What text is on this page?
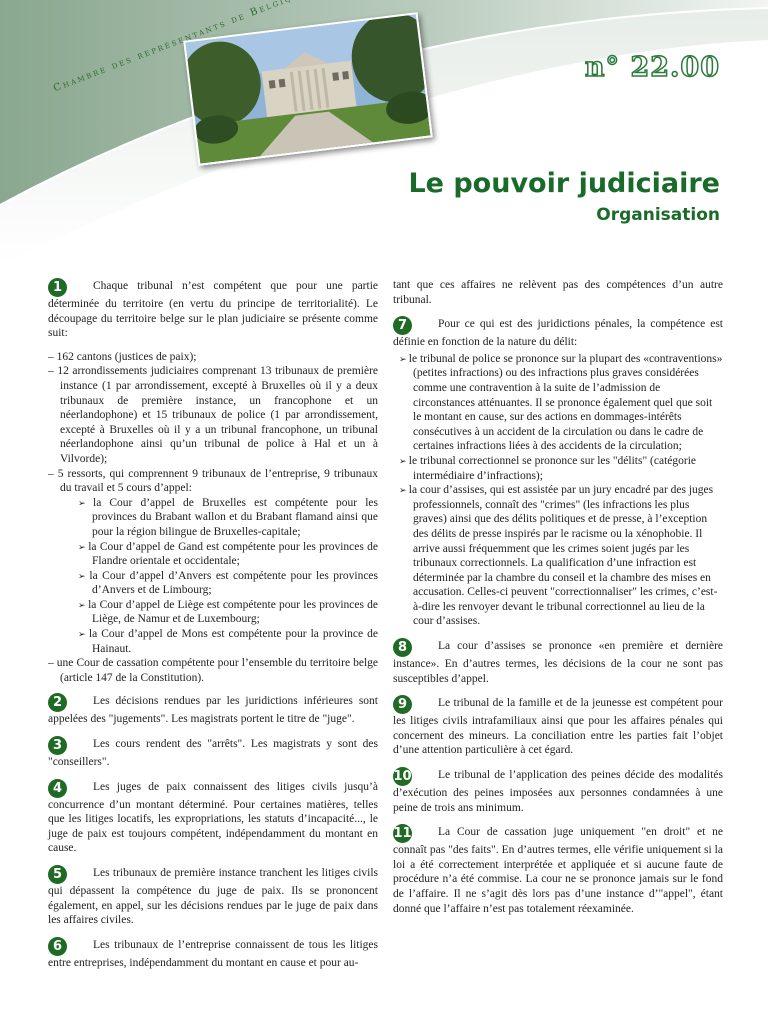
n° 22.00
Le pouvoir judiciaire
Organisation

1	Chaque tribunal n’est compétent que pour une partie déterminée du territoire (en vertu du principe de territorialité). Le découpage du territoire belge sur le plan judiciaire se présente comme suit:

– 162 cantons (justices de paix);
– 12 arrondissements judiciaires comprenant 13 tribunaux de première instance (1 par arrondissement, excepté à Bruxelles où il y a deux tribunaux de première instance, un francophone et un néerlandophone) et 15 tribunaux de police (1 par arrondissement, excepté à Bruxelles où il y a un tribunal francophone, un tribunal néerlandophone ainsi qu’un tribunal de police à Hal et un à Vilvorde);
– 5 ressorts, qui comprennent 9 tribunaux de l’entreprise, 9 tribunaux du travail et 5 cours d’appel:
➢ la Cour d’appel de Bruxelles est compétente pour les provinces du Brabant wallon et du Brabant flamand ainsi que pour la région bilingue de Bruxelles-capitale;
➢ la Cour d’appel de Gand est compétente pour les provinces de Flandre orientale et occidentale;
➢ la Cour d’appel d’Anvers est compétente pour les provinces d’Anvers et de Limbourg;
➢ la Cour d’appel de Liège est compétente pour les provinces de Liège, de Namur et de Luxembourg;
➢ la Cour d’appel de Mons est compétente pour la province de Hainaut.
– une Cour de cassation compétente pour l’ensemble du territoire belge (article 147 de la Constitution).

2	Les décisions rendues par les juridictions inférieures sont appelées des "jugements". Les magistrats portent le titre de "juge".

3	Les cours rendent des "arrêts". Les magistrats y sont des "conseillers".

4	Les juges de paix connaissent des litiges civils jusqu’à concurrence d’un montant déterminé. Pour certaines matières, telles que les litiges locatifs, les expropriations, les statuts d’incapacité..., le juge de paix est toujours compétent, indépendamment du montant en cause.

5	Les tribunaux de première instance tranchent les litiges civils qui dépassent la compétence du juge de paix. Ils se prononcent également, en appel, sur les décisions rendues par le juge de paix dans les affaires civiles.

6	Les tribunaux de l’entreprise connaissent de tous les litiges entre entreprises, indépendamment du montant en cause et pour au-

tant que ces affaires ne relèvent pas des compétences d’un autre tribunal.

7	Pour ce qui est des juridictions pénales, la compétence est définie en fonction de la nature du délit:

➢ le tribunal de police se prononce sur la plupart des «contraventions» (petites infractions) ou des infractions plus graves considérées comme une contravention à la suite de l’admission de circonstances atténuantes. Il se prononce également quel que soit le montant en cause, sur des actions en dommages-intérêts consécutives à un accident de la circulation ou dans le cadre de certaines infractions liées à des accidents de la circulation;
➢ le tribunal correctionnel se prononce sur les "délits" (catégorie intermédiaire d’infractions);
➢ la cour d’assises, qui est assistée par un jury encadré par des juges professionnels, connaît des "crimes" (les infractions les plus graves) ainsi que des délits politiques et de presse, à l’exception des délits de presse inspirés par le racisme ou la xénophobie. Il arrive aussi fréquemment que les crimes soient jugés par les tribunaux correctionnels. La qualification d’une infraction est déterminée par la chambre du conseil et la chambre des mises en accusation. Celles-ci peuvent "correctionnaliser" les crimes, c’est-à-dire les renvoyer devant le tribunal correctionnel au lieu de la cour d’assises.

8	La cour d’assises se prononce «en première et dernière instance». En d’autres termes, les décisions de la cour ne sont pas susceptibles d’appel.

9	Le tribunal de la famille et de la jeunesse est compétent pour les litiges civils intrafamiliaux ainsi que pour les affaires pénales qui concernent des mineurs. La conciliation entre les parties fait l’objet d’une attention particulière à cet égard.

10 Le tribunal de l’application des peines décide des modalités d’exécution des peines imposées aux personnes condamnées à une peine de trois ans minimum.

11 La Cour de cassation juge uniquement "en droit" et ne connaît pas "des faits". En d’autres termes, elle vérifie uniquement si la loi a été correctement interprétée et appliquée et si aucune faute de procédure n’a été commise. La cour ne se prononce jamais sur le fond de l’affaire. Il ne s’agit dès lors pas d’une instance d’"appel", étant donné que l’affaire n’est pas totalement réexaminée.
